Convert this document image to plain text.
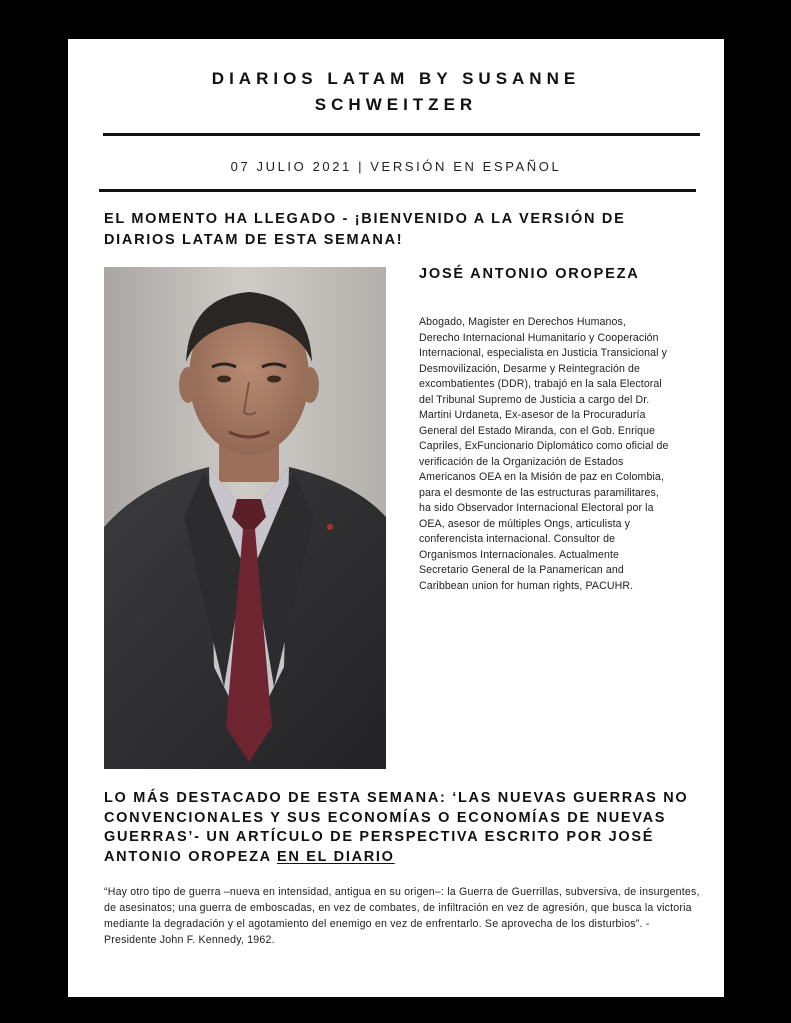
DIARIOS LATAM BY SUSANNE
SCHWEITZER
07 JULIO 2021 | VERSIÓN EN ESPAÑOL
EL MOMENTO HA LLEGADO - ¡BIENVENIDO A LA VERSIÓN DE DIARIOS LATAM DE ESTA SEMANA!
JOSÉ ANTONIO OROPEZA
Abogado, Magister en Derechos Humanos, Derecho Internacional Humanitario y Cooperación Internacional, especialista en Justicia Transicional y Desmovilización, Desarme y Reintegración de excombatientes (DDR), trabajó en la sala Electoral del Tribunal Supremo de Justicia a cargo del Dr. Martini Urdaneta, Ex-asesor de la Procuraduría General del Estado Miranda, con el Gob. Enrique Capriles, ExFuncionario Diplomático como oficial de verificación de la Organización de Estados Americanos OEA en la Misión de paz en Colombia, para el desmonte de las estructuras paramilitares, ha sido Observador Internacional Electoral por la OEA, asesor de múltiples Ongs, articulista y conferencista internacional. Consultor de Organismos Internacionales. Actualmente Secretario General de la Panamerican and Caribbean union for human rights, PACUHR.
LO MÁS DESTACADO DE ESTA SEMANA: ‘LAS NUEVAS GUERRAS NO CONVENCIONALES Y SUS ECONOMÍAS O ECONOMÍAS DE NUEVAS GUERRAS’- UN ARTÍCULO DE PERSPECTIVA ESCRITO POR JOSÉ ANTONIO OROPEZA EN EL DIARIO
“Hay otro tipo de guerra –nueva en intensidad, antigua en su origen–: la Guerra de Guerrillas, subversiva, de insurgentes, de asesinatos; una guerra de emboscadas, en vez de combates, de infiltración en vez de agresión, que busca la victoria mediante la degradación y el agotamiento del enemigo en vez de enfrentarlo. Se aprovecha de los disturbios”. - Presidente John F. Kennedy, 1962.
